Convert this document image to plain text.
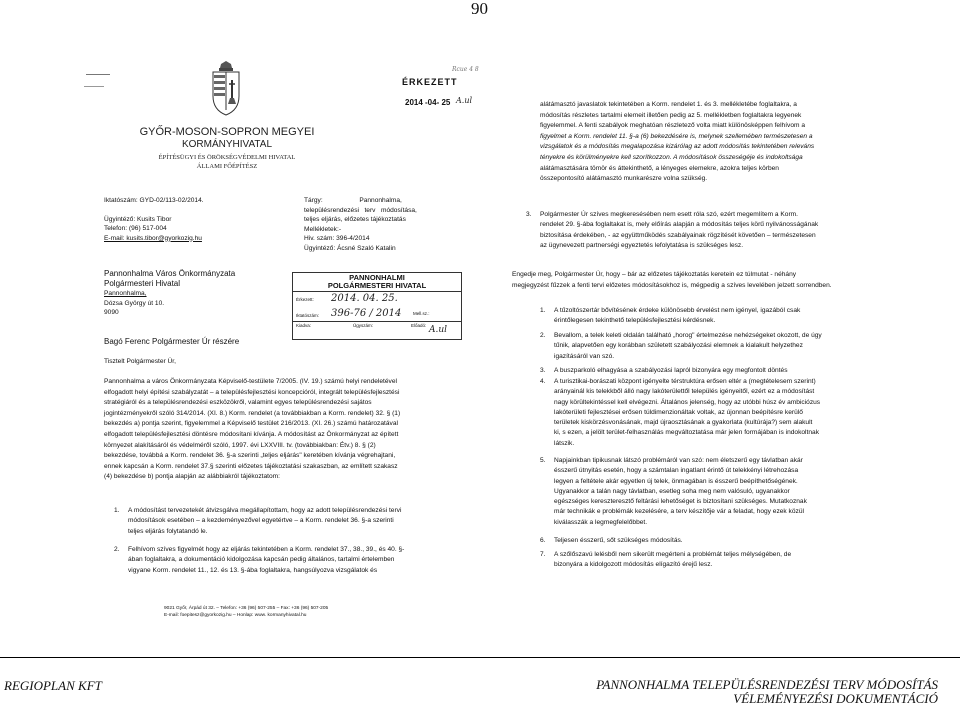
90
Rcue 4 8
ÉRKEZETT
2014 -04- 25 A.ul
GYŐR-MOSON-SOPRON MEGYEI
KORMÁNYHIVATAL
ÉPÍTÉSÜGYI ÉS ÖRÖKSÉGVÉDELMI HIVATAL
ÁLLAMI FŐÉPÍTÉSZ
Iktatószám: GYD-02/113-02/2014.
Ügyintéző: Kusits Tibor
Telefon: (96) 517-004
E-mail: kusits.tibor@gyorkozig.hu
Tárgy:                    Pannonhalma,
településrendezési   terv   módosítása,
teljes eljárás, előzetes tájékoztatás
Mellékletek:-
Hiv. szám: 396-4/2014
Ügyintéző: Ácsné Szaló Katalin
Pannonhalma Város Önkormányzata
Polgármesteri Hivatal
Pannonhalma,
Dózsa György út 10.
9090
PANNONHALMI
POLGÁRMESTERI HIVATAL
Érkezett: 2014. 04. 25.
Iktatószám: 396-76 / 2014	Mell.sz.:
Kiadva:	Ügyszám:	Előadó: A.ul
Bagó Ferenc Polgármester Úr részére
Tisztelt Polgármester Úr,
Pannonhalma a város Önkormányzata Képviselő-testülete 7/2005. (IV. 19.) számú helyi rendeletével
elfogadott helyi építési szabályzatát – a településfejlesztési koncepcióról, integrált településfejlesztési
stratégiáról és a településrendezési eszközökről, valamint egyes településrendezési sajátos
jogintézményekről szóló 314/2014. (XI. 8.) Korm. rendelet (a továbbiakban a Korm. rendelet) 32. § (1)
bekezdés a) pontja szerint, figyelemmel a Képviselő testület 216/2013. (XI. 26.) számú határozatával
elfogadott településfejlesztési döntésre módosítani kívánja. A módosítást az Önkormányzat az épített
környezet alakításáról és védelméről szóló, 1997. évi LXXVIII. tv. (továbbiakban: Étv.) 8. § (2)
bekezdése, továbbá a Korm. rendelet 36. §-a szerinti „teljes eljárás" keretében kívánja végrehajtani,
ennek kapcsán a Korm. rendelet 37.§ szerinti előzetes tájékoztatási szakaszban, az említett szakasz
(4) bekezdése b) pontja alapján az alábbiakról tájékoztatom:
1. A módosítást tervezetekét átvizsgálva megállapítottam, hogy az adott településrendezési tervi
módosítások esetében – a kezdeményezővel egyetértve – a Korm. rendelet 36. §-a szerinti
teljes eljárás folytatandó le.
2. Felhívom szíves figyelmét hogy az eljárás tekintetében a Korm. rendelet 37., 38., 39., és 40. §-
ában foglaltakra, a dokumentáció kidolgozása kapcsán pedig általános, tartalmi értelemben
vigyane Korm. rendelet 11., 12. és 13. §-ába foglaltakra, hangsúlyozva vizsgálatok és
9021 Győr, Árpád út 32. – Telefon: +36 (96) 507-255 – Fax: +36 (96) 507-205
E-mail: foepitesz@gyorkozig.hu – Honlap: www. kormanyhivatal.hu
alátámasztó javaslatok tekintetében a Korm. rendelet 1. és 3. mellékletébe foglaltakra, a
módosítás részletes tartalmi elemeit illetően pedig az 5. mellékletben foglaltakra legyenek
figyelemmel. A fenti szabályok meghatóan részletező volta miatt különösképpen felhívom a
figyelmet a Korm. rendelet 11. §-a (6) bekezdésére is, melynek szellemében természetesen a
vizsgálatok és a módosítás megalapozása kizárólag az adott módosítás tekintetében releváns
tényekre és körülményekre kell szorítkozzon. A módosítások összeségéje és indokoltsága
alátámasztására tömör és áttekinthető, a lényeges elemekre, azokra teljes körben
összepontosító alátámasztó munkarészre volna szükség.
3. Polgármester Úr szíves megkeresésében nem esett róla szó, ezért megemlítem a Korm.
rendelet 29. §-ába foglaltakat is, mely előírás alapján a módosítás teljes körű nyilvánosságának
biztosítása érdekében, - az együttműködés szabályainak rögzítését követően – természetesen
az ügynevezett partnerségi egyeztetés lefolytatása is szükséges lesz.
Engedje meg, Polgármester Úr, hogy – bár az előzetes tájékoztatás keretein ez túlmutat - néhány
megjegyzést fűzzek a fenti tervi előzetes módosításokhoz is, mégpedig a szíves levelében jelzett sorrendben.
1. A tűzoltószertár bővítésének érdeke különösebb érvelést nem igényel, igazából csak
érintőlegesen tekinthető településfejlesztési kérdésnek.
2. Bevallom, a telek keleti oldalán található „horog" értelmezése nehézségeket okozott, de úgy
tűnik, alapvetően egy korábban született szabályozási elemnek a kialakult helyzethez
igazításáról van szó.
3. A buszparkoló elhagyása a szabályozási lapról bizonyára egy megfontolt döntés
4. A turisztikai-borászati központ igényelte térstruktúra erősen eltér a (megtételesem szerint)
arányainál kis telekkből álló nagy lakóterülettől település igényeitől, ezért ez a módosítást
nagy körültekintéssel kell elvégezni. Általános jelenség, hogy az utóbbi húsz év ambiciózus
lakóterületi fejlesztései erősen túldimenzionáltak voltak, az újonnan beépítésre kerülő
területek kiskörzésvonásának, majd újraosztásának a gyakorlata (kultúrája?) sem alakult
ki, s ezen, a jelölt terület-felhasználás megváltoztatása már jelen formájában is indokoltnak
látszik.
5. Napjainkban tipikusnak látszó problémáról van szó: nem életszerű egy távlatban akár
ésszerű útnyitás esetén, hogy a számtalan ingatlant érintő út telekkényi létrehozása
legyen a feltétele akár egyetlen új telek, önmagában is ésszerű beépíthetőségének.
Ugyanakkor a talán nagy távlatban, esetleg soha meg nem valósuló, ugyanakkor
egészséges kereszteresztő feltárási lehetőséget is biztosítani szükséges. Mutatkoznak
már technikák e problémák kezelésére, a terv készítője vár a feladat, hogy ezek közül
kiválasszák a legmegfelelőbbet.
6. Teljesen ésszerű, sőt szükséges módosítás.
7. A szőlőszavú lelésből nem sikerült megérteni a problémát teljes mélységében, de
bizonyára a kidolgozott módosítás elígazító érejű lesz.
REGIOPLAN KFT	PANNONHALMA TELEPÜLÉSRENDEZÉSI TERV MÓDOSÍTÁS
VÉLEMÉNYEZÉSI DOKUMENTÁCIÓ
